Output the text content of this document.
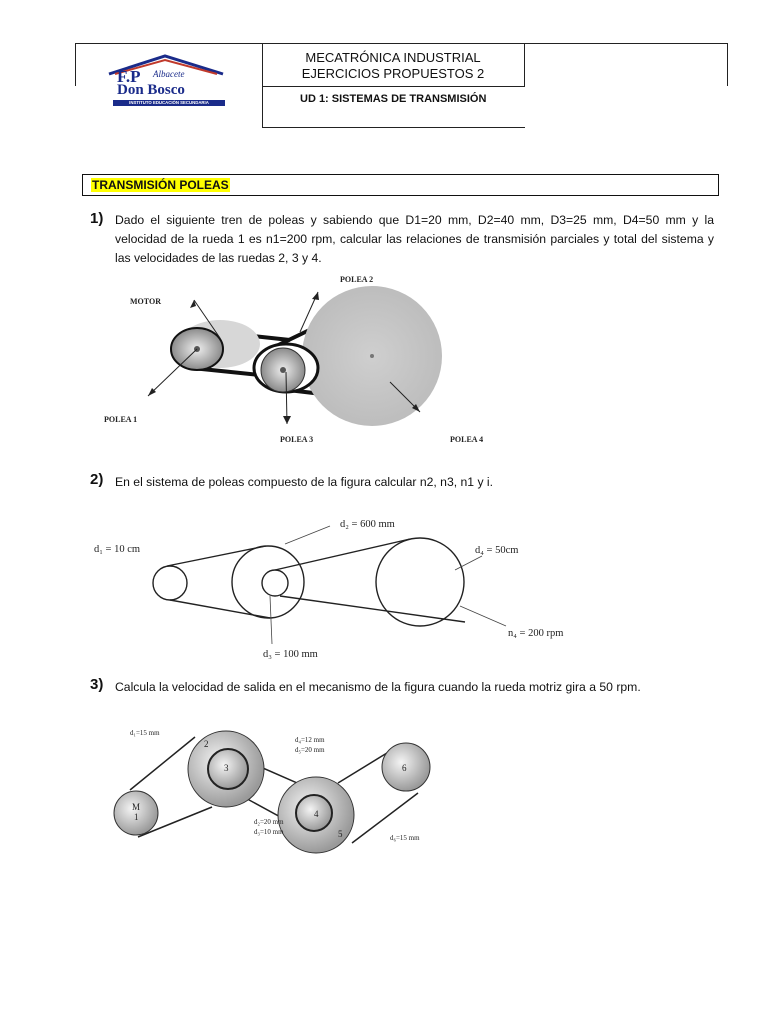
F.P Albacete
Don Bosco
INSTITUTO EDUCACIÓN SECUNDARIA
MECATRÓNICA INDUSTRIAL
EJERCICIOS PROPUESTOS 2
UD 1: SISTEMAS DE TRANSMISIÓN
TRANSMISIÓN POLEAS
1) Dado el siguiente tren de poleas y sabiendo que D1=20 mm, D2=40 mm, D3=25 mm, D4=50 mm y la velocidad de la rueda 1 es n1=200 rpm, calcular las relaciones de transmisión parciales y total del sistema y las velocidades de las ruedas 2, 3 y 4.
POLEA 2
MOTOR
POLEA 1
POLEA 3	POLEA 4
2) En el sistema de poleas compuesto de la figura calcular n2, n3, n1 y i.
d₁ = 10 cm
d₂ = 600 mm
d₃ = 100 mm
d₄ = 50cm
n₄ = 200 rpm
3) Calcula la velocidad de salida en el mecanismo de la figura cuando la rueda motriz gira a 50 rpm.
M
1
2
3
4
5
6
d₁=15 mm
d₄=12 mm
d₅=20 mm
d₂=20 mm
d₃=10 mm
d₆=15 mm
